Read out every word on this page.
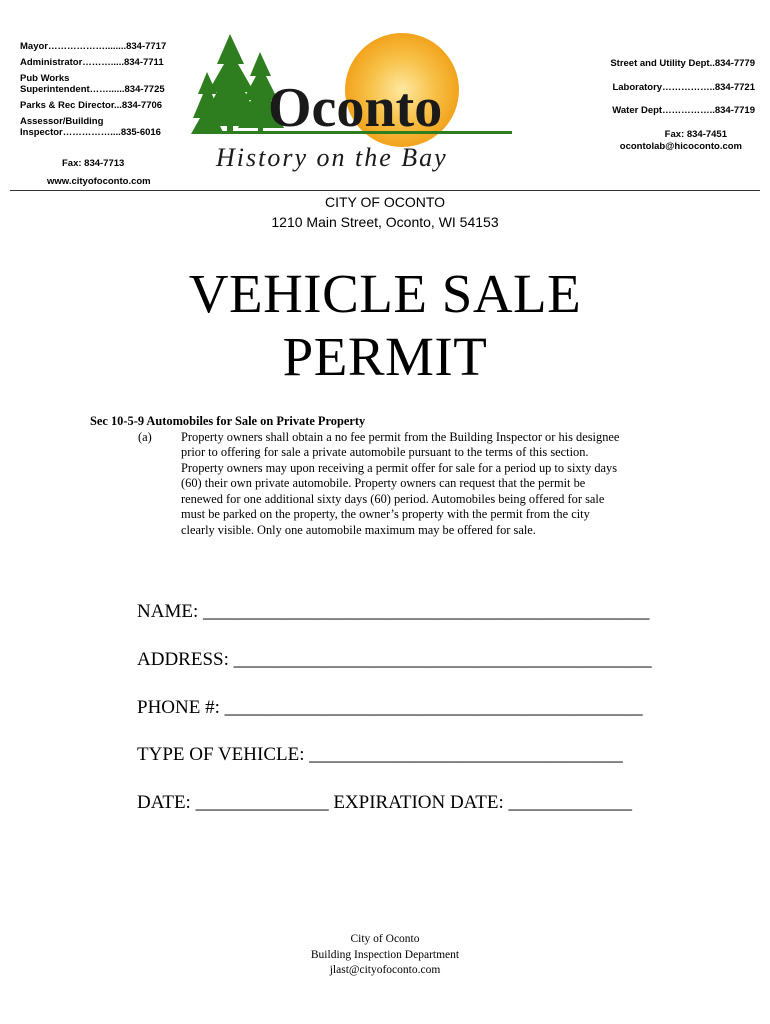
Mayor………………........834-7717
Administrator……….....834-7711
Pub Works
Superintendent……......834-7725
Parks & Rec Director...834-7706
Assessor/Building
Inspector……………....835-6016
Fax: 834-7713
www.cityofoconto.com
Oconto
History on the Bay
Street and Utility Dept..834-7779
Laboratory……………..834-7721
Water Dept……………..834-7719
Fax: 834-7451
ocontolab@hicoconto.com
CITY OF OCONTO
1210 Main Street, Oconto, WI 54153
VEHICLE SALE
PERMIT
Sec 10-5-9 Automobiles for Sale on Private Property
(a) Property owners shall obtain a no fee permit from the Building Inspector or his designee
prior to offering for sale a private automobile pursuant to the terms of this section.
Property owners may upon receiving a permit offer for sale for a period up to sixty days
(60) their own private automobile. Property owners can request that the permit be
renewed for one additional sixty days (60) period. Automobiles being offered for sale
must be parked on the property, the owner’s property with the permit from the city
clearly visible. Only one automobile maximum may be offered for sale.
NAME: _______________________________________________
ADDRESS: ____________________________________________
PHONE #: ____________________________________________
TYPE OF VEHICLE: _________________________________
DATE: ______________ EXPIRATION DATE: _____________
City of Oconto
Building Inspection Department
jlast@cityofoconto.com
